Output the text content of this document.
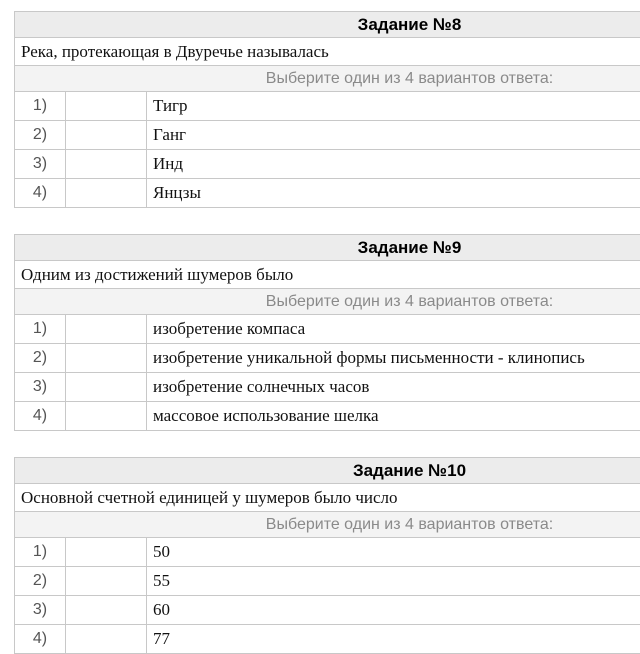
Задание №8
Река, протекающая в Двуречье называлась
Выберите один из 4 вариантов ответа:
1)	Тигр
2)	Ганг
3)	Инд
4)	Янцзы
Задание №9
Одним из достижений шумеров было
Выберите один из 4 вариантов ответа:
1)	изобретение компаса
2)	изобретение уникальной формы письменности - клинопись
3)	изобретение солнечных часов
4)	массовое использование шелка
Задание №10
Основной счетной единицей у шумеров было число
Выберите один из 4 вариантов ответа:
1)	50
2)	55
3)	60
4)	77
